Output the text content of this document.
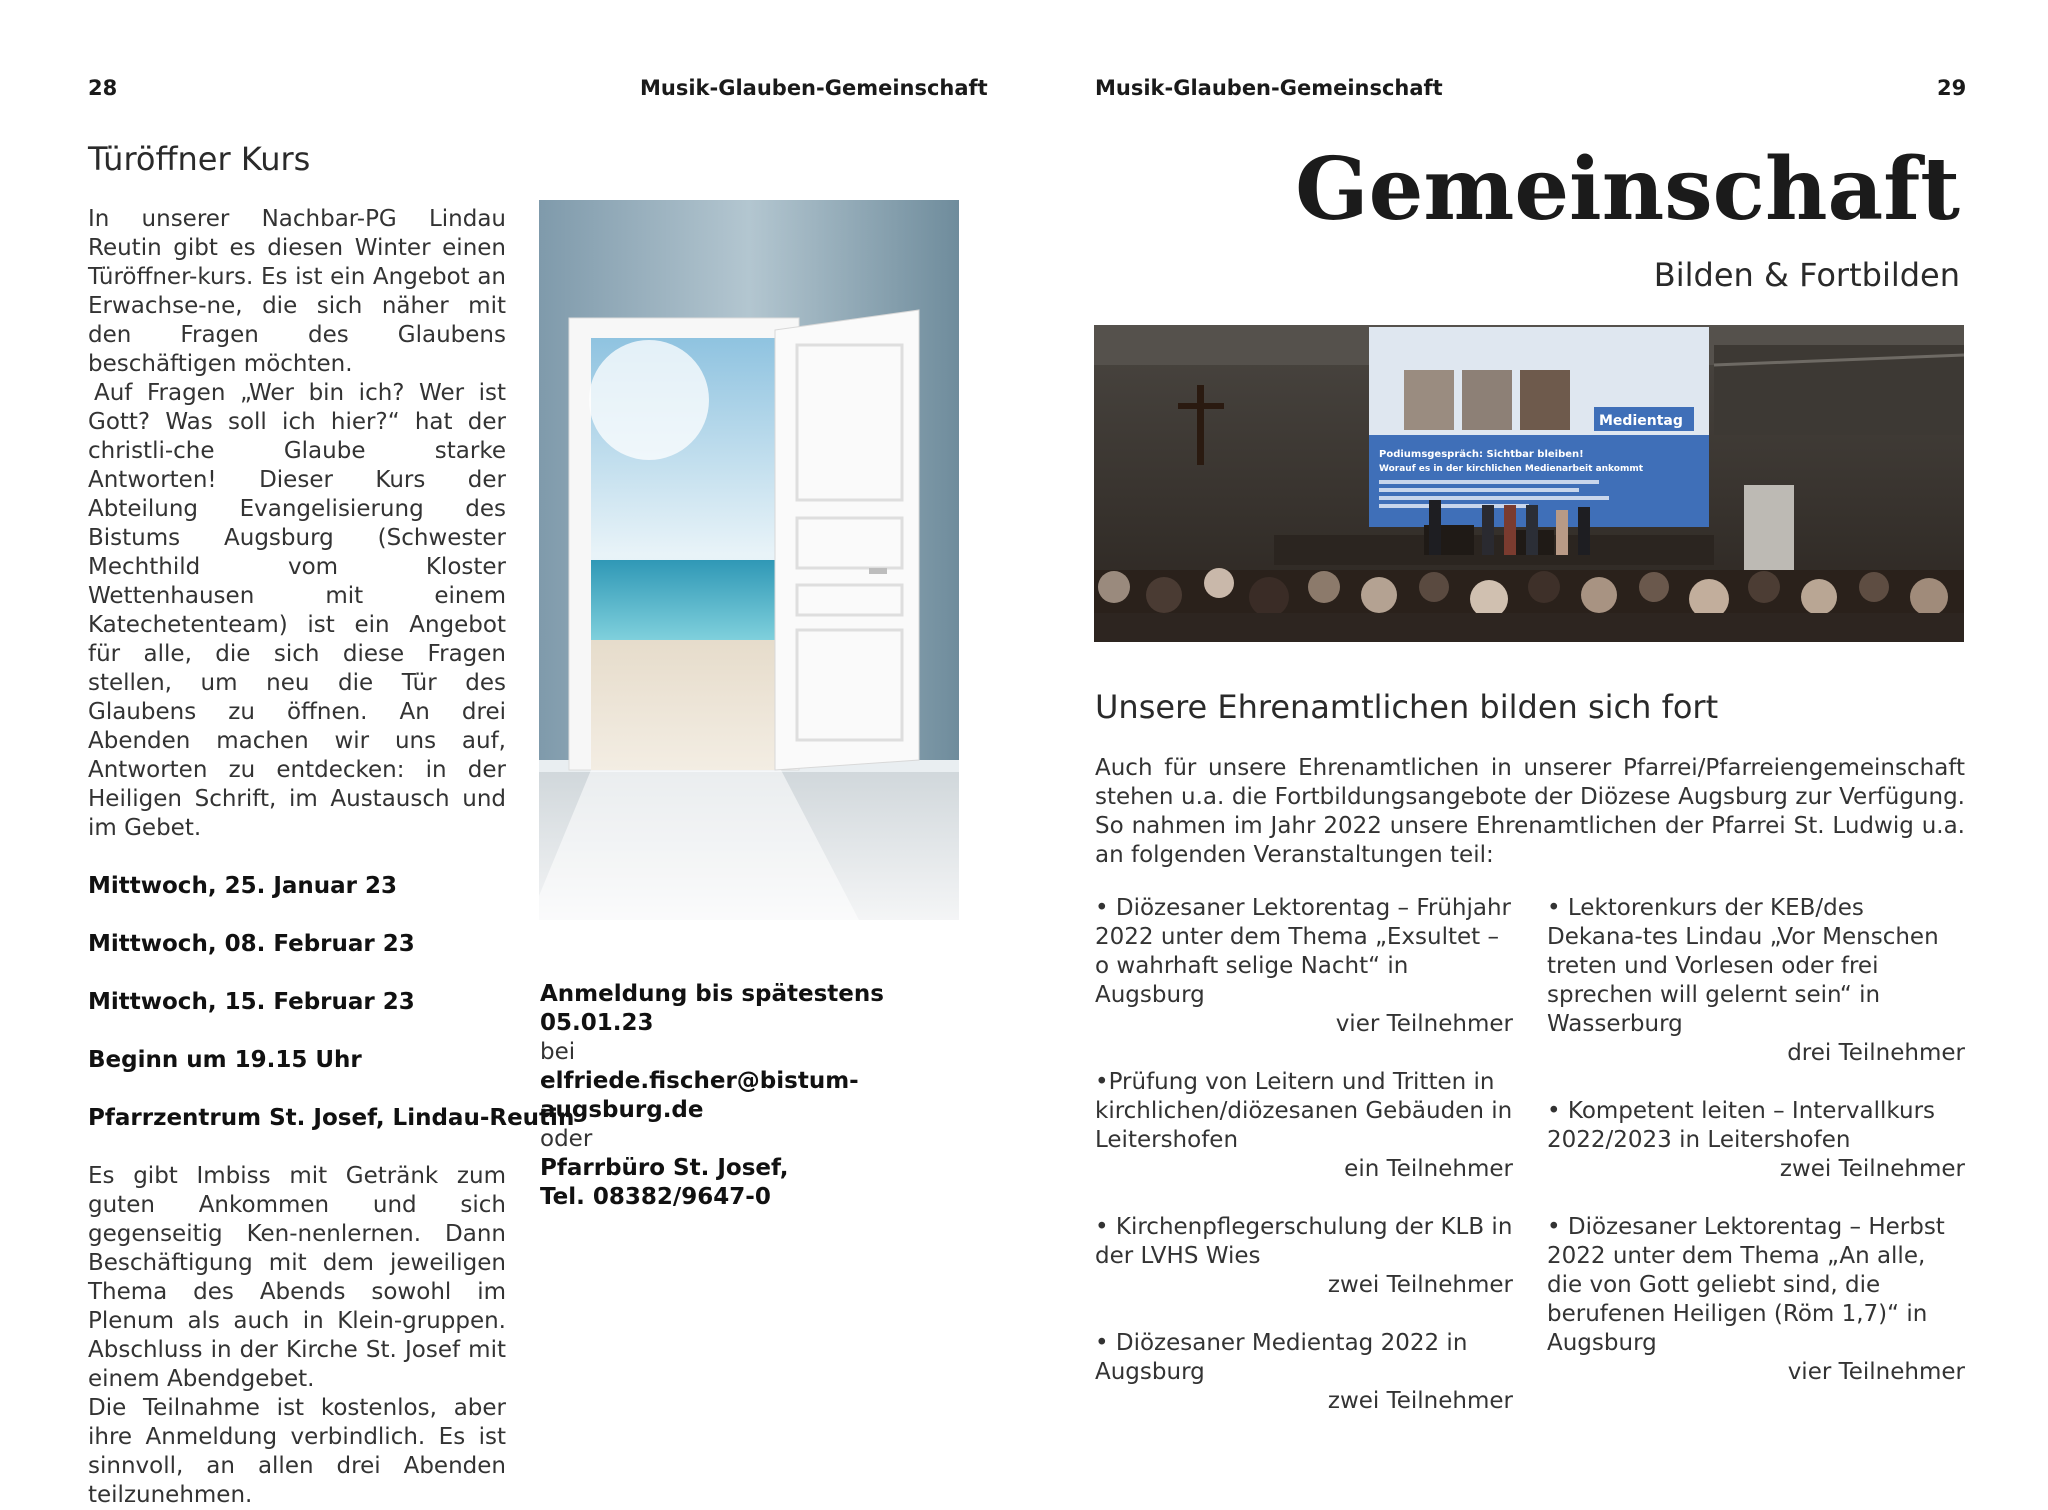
28	Musik-Glauben-Gemeinschaft
Türöffner Kurs

In unserer Nachbar-PG Lindau Reutin gibt es diesen Winter einen Türöffner-kurs. Es ist ein Angebot an Erwachse-ne, die sich näher mit den Fragen des Glaubens beschäftigen möchten.

Auf Fragen „Wer bin ich? Wer ist Gott? Was soll ich hier?“ hat der christli-che Glaube starke Antworten! Dieser Kurs der Abteilung Evangelisierung des Bistums Augsburg (Schwester Mechthild vom Kloster Wettenhausen mit einem Katechetenteam) ist ein Angebot für alle, die sich diese Fragen stellen, um neu die Tür des Glaubens zu öffnen. An drei Abenden machen wir uns auf, Antworten zu entdecken: in der Heiligen Schrift, im Austausch und im Gebet.

Mittwoch, 25. Januar 23

Mittwoch, 08. Februar 23

Mittwoch, 15. Februar 23

Beginn um 19.15 Uhr

Pfarrzentrum St. Josef, Lindau-Reutin

Es gibt Imbiss mit Getränk zum guten Ankommen und sich gegenseitig Ken-nenlernen. Dann Beschäftigung mit dem jeweiligen Thema des Abends sowohl im Plenum als auch in Klein-gruppen. Abschluss in der Kirche St. Josef mit einem Abendgebet.

Die Teilnahme ist kostenlos, aber ihre Anmeldung verbindlich. Es ist sinnvoll, an allen drei Abenden teilzunehmen.

Anmeldung bis spätestens 05.01.23

bei

elfriede.fischer@bistum-augsburg.de

oder

Pfarrbüro St. Josef,

Tel. 08382/9647-0

Musik-Glauben-Gemeinschaft	29
Gemeinschaft
Bilden & Fortbilden
Medientag
Podiumsgespräch: Sichtbar bleiben!
Worauf es in der kirchlichen Medienarbeit ankommt
Unsere Ehrenamtlichen bilden sich fort
Auch für unsere Ehrenamtlichen in unserer Pfarrei/Pfarreiengemeinschaft stehen u.a. die Fortbildungsangebote der Diözese Augsburg zur Verfügung. So nahmen im Jahr 2022 unsere Ehrenamtlichen der Pfarrei St. Ludwig u.a. an folgenden Veranstaltungen teil:

• Diözesaner Lektorentag – Frühjahr 2022 unter dem Thema „Exsultet – o wahrhaft selige Nacht“ in Augsburg

vier Teilnehmer

•Prüfung von Leitern und Tritten in kirchlichen/diözesanen Gebäuden in Leitershofen

ein Teilnehmer

• Kirchenpflegerschulung der KLB in der LVHS Wies

zwei Teilnehmer

• Diözesaner Medientag 2022 in Augsburg

zwei Teilnehmer

• Lektorenkurs der KEB/des Dekana-tes Lindau „Vor Menschen treten und Vorlesen oder frei sprechen will gelernt sein“ in Wasserburg

drei Teilnehmer

• Kompetent leiten – Intervallkurs 2022/2023 in Leitershofen

zwei Teilnehmer

• Diözesaner Lektorentag – Herbst 2022 unter dem Thema „An alle, die von Gott geliebt sind, die berufenen Heiligen (Röm 1,7)“ in Augsburg

vier Teilnehmer
